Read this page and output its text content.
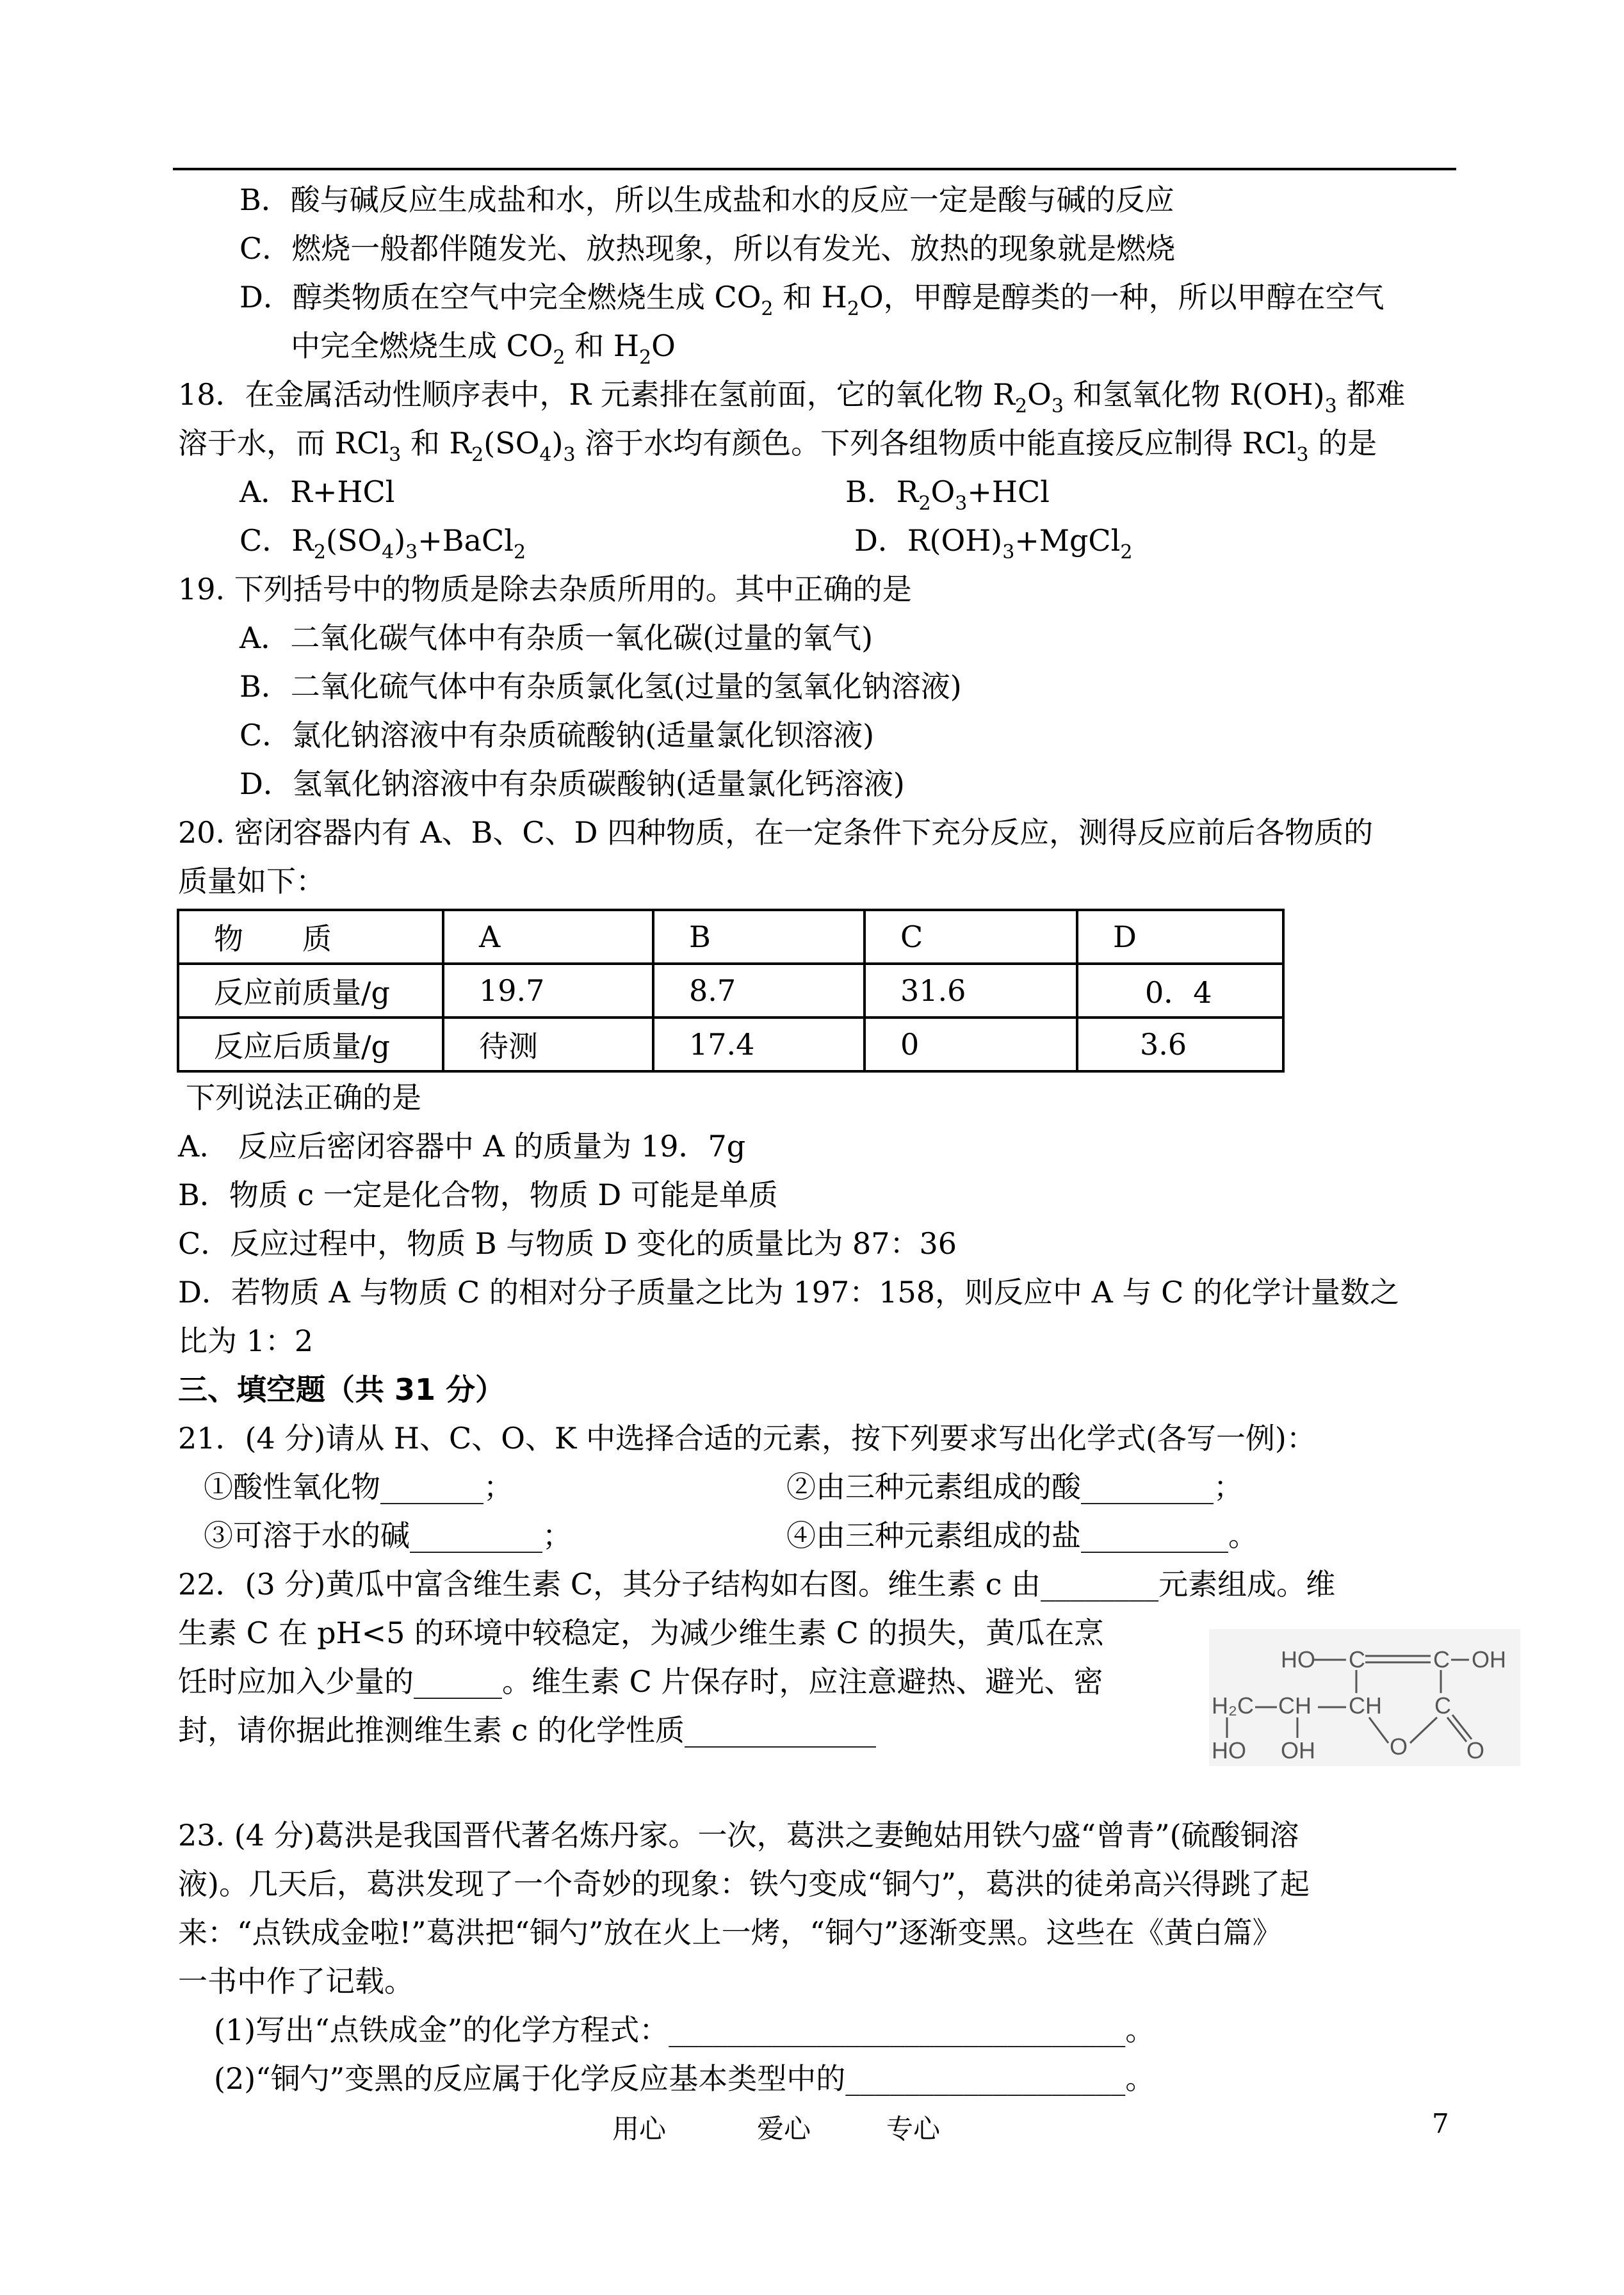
B．酸与碱反应生成盐和水，所以生成盐和水的反应一定是酸与碱的反应
C．燃烧一般都伴随发光、放热现象，所以有发光、放热的现象就是燃烧
D．醇类物质在空气中完全燃烧生成 $CO_2$ 和 $H_2O$，甲醇是醇类的一种，所以甲醇在空气
中完全燃烧生成 $CO_2$ 和 $H_2O$
18．在金属活动性顺序表中，R 元素排在氢前面，它的氧化物 $R_2O_3$ 和氢氧化物 $R(OH)_3$ 都难
溶于水，而 RCl$_3$ 和 $R_2(SO_4)_3$ 溶于水均有颜色。下列各组物质中能直接反应制得 RCl$_3$ 的是
A．R+HCl	B．$R_2O_3+HCl$
C．$R_2(SO_4)_3+BaCl_2$	D．$R(OH)_3+MgCl_2$
19. 下列括号中的物质是除去杂质所用的。其中正确的是
A．二氧化碳气体中有杂质一氧化碳(过量的氧气)
B．二氧化硫气体中有杂质氯化氢(过量的氢氧化钠溶液)
C．氯化钠溶液中有杂质硫酸钠(适量氯化钡溶液)
D．氢氧化钠溶液中有杂质碳酸钠(适量氯化钙溶液)
20. 密闭容器内有 A、B、C、D 四种物质，在一定条件下充分反应，测得反应前后各物质的
质量如下：
物　　质	A	B	C	D
反应前质量/g	19.7	8.7	31.6	0．4
反应后质量/g	待测	17.4	0	3.6
下列说法正确的是
A.　反应后密闭容器中 A 的质量为 19．7g
B．物质 c 一定是化合物，物质 D 可能是单质
C．反应过程中，物质 B 与物质 D 变化的质量比为 87：36
D．若物质 A 与物质 C 的相对分子质量之比为 197：158，则反应中 A 与 C 的化学计量数之
比为 1：2
三、填空题（共 31 分）
21．(4 分)请从 H、C、O、K 中选择合适的元素，按下列要求写出化学式(各写一例)：
①酸性氧化物_______；	②由三种元素组成的酸_________；
③可溶于水的碱_________；	④由三种元素组成的盐__________。
22．(3 分)黄瓜中富含维生素 C，其分子结构如右图。维生素 c 由________元素组成。维
生素 C 在 pH<5 的环境中较稳定，为减少维生素 C 的损失，黄瓜在烹
饪时应加入少量的______。维生素 C 片保存时，应注意避热、避光、密
封，请你据此推测维生素 c 的化学性质_____________
HO C	C OH
H₂C CH CH C
HO OH	O	O
23. (4 分)葛洪是我国晋代著名炼丹家。一次，葛洪之妻鲍姑用铁勺盛“曾青”(硫酸铜溶
液)。几天后，葛洪发现了一个奇妙的现象：铁勺变成“铜勺”，葛洪的徒弟高兴得跳了起
来：“点铁成金啦!”葛洪把“铜勺”放在火上一烤，“铜勺”逐渐变黑。这些在《黄白篇》
一书中作了记载。
(1)写出“点铁成金”的化学方程式：_______________________________。
(2)“铜勺”变黑的反应属于化学反应基本类型中的___________________。
用心	爱心	专心	7
